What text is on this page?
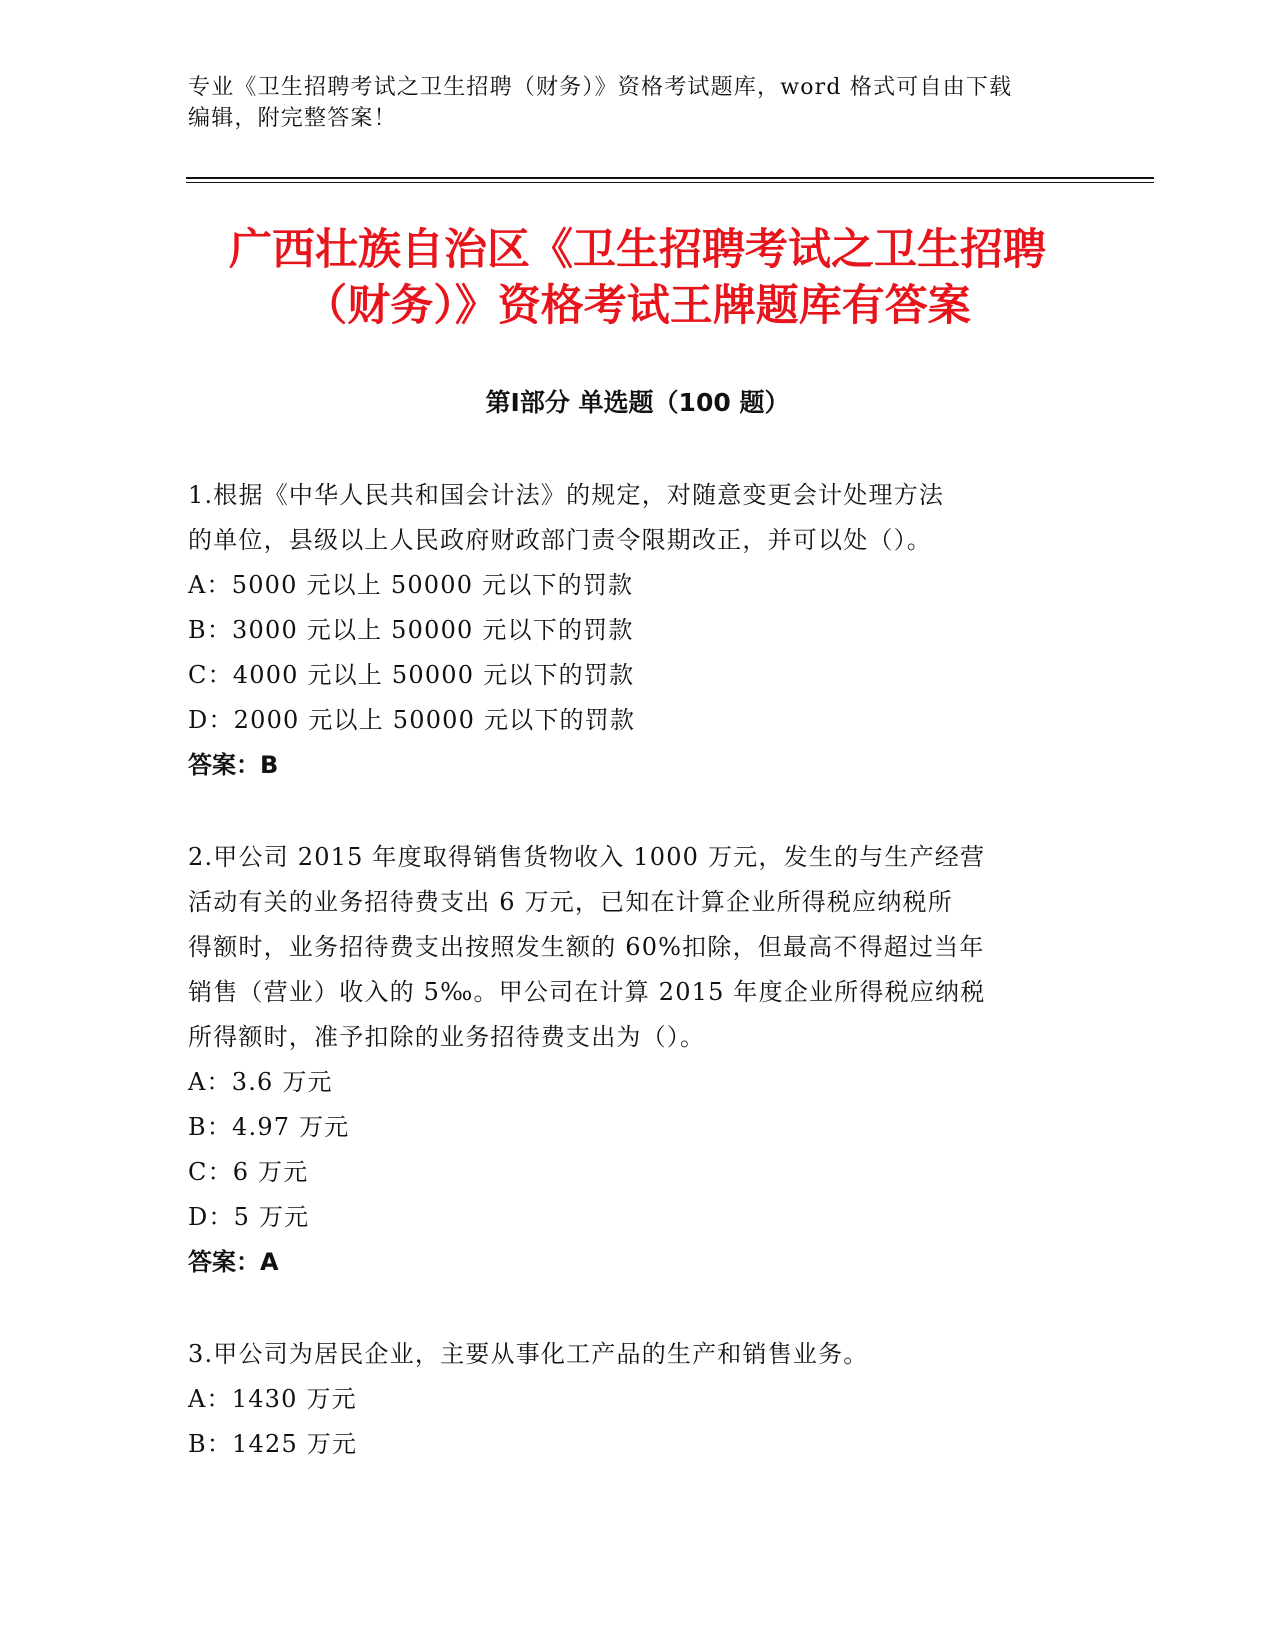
专业《卫生招聘考试之卫生招聘（财务）》资格考试题库，word 格式可自由下载
编辑，附完整答案！
广西壮族自治区《卫生招聘考试之卫生招聘
（财务）》资格考试王牌题库有答案
第Ⅰ部分 单选题（100 题）
1.根据《中华人民共和国会计法》的规定，对随意变更会计处理方法
的单位，县级以上人民政府财政部门责令限期改正，并可以处（）。
A：5000 元以上 50000 元以下的罚款
B：3000 元以上 50000 元以下的罚款
C：4000 元以上 50000 元以下的罚款
D：2000 元以上 50000 元以下的罚款
答案：B
2.甲公司 2015 年度取得销售货物收入 1000 万元，发生的与生产经营
活动有关的业务招待费支出 6 万元，已知在计算企业所得税应纳税所
得额时，业务招待费支出按照发生额的 60%扣除，但最高不得超过当年
销售（营业）收入的 5‰。甲公司在计算 2015 年度企业所得税应纳税
所得额时，准予扣除的业务招待费支出为（）。
A：3.6 万元
B：4.97 万元
C：6 万元
D：5 万元
答案：A
3.甲公司为居民企业，主要从事化工产品的生产和销售业务。
A：1430 万元
B：1425 万元
